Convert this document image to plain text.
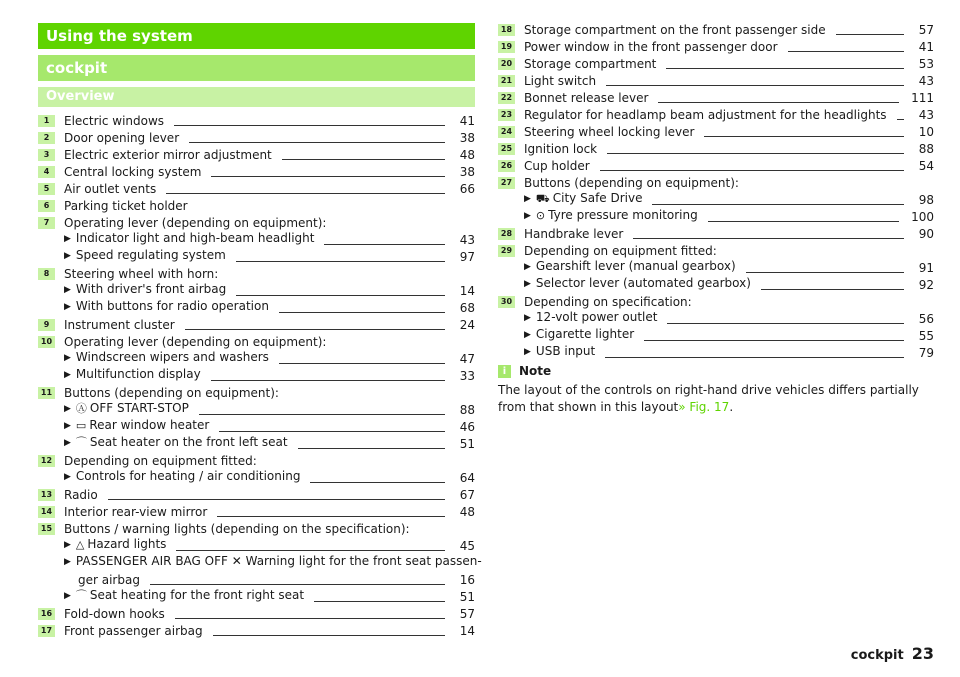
Using the system
cockpit
Overview
1	Electric windows	41
2	Door opening lever	38
3	Electric exterior mirror adjustment	48
4	Central locking system	38
5	Air outlet vents	66
6	Parking ticket holder
7	Operating lever (depending on equipment):
▶ Indicator light and high-beam headlight	43
▶ Speed regulating system	97
8	Steering wheel with horn:
▶ With driver's front airbag	14
▶ With buttons for radio operation	68
9	Instrument cluster	24
10 Operating lever (depending on equipment):
▶ Windscreen wipers and washers	47
▶ Multifunction display	33
11 Buttons (depending on equipment):
▶ Ⓐ OFF START-STOP	88
▶ ▭ Rear window heater	46
▶ ⌒ Seat heater on the front left seat	51
12 Depending on equipment fitted:
▶ Controls for heating / air conditioning	64
13 Radio	67
14 Interior rear-view mirror	48
15 Buttons / warning lights (depending on the specification):
▶ △ Hazard lights	45
▶ PASSENGER AIR BAG OFF ✕ Warning light for the front seat passen-
ger airbag	16
▶ ⌒ Seat heating for the front right seat	51
16 Fold-down hooks	57
17 Front passenger airbag	14
18 Storage compartment on the front passenger side	57
19 Power window in the front passenger door	41
20 Storage compartment	53
21 Light switch	43
22 Bonnet release lever	111
23 Regulator for headlamp beam adjustment for the headlights	43
24 Steering wheel locking lever	10
25 Ignition lock	88
26 Cup holder	54
27 Buttons (depending on equipment):
▶ ⛟ City Safe Drive	98
▶ ⊙ Tyre pressure monitoring	100
28 Handbrake lever	90
29 Depending on equipment fitted:
▶ Gearshift lever (manual gearbox)	91
▶ Selector lever (automated gearbox)	92
30 Depending on specification:
▶ 12-volt power outlet	56
▶ Cigarette lighter	55
▶ USB input	79
i	Note
The layout of the controls on right-hand drive vehicles differs partially from that shown in this layout» Fig. 17.
cockpit 23
